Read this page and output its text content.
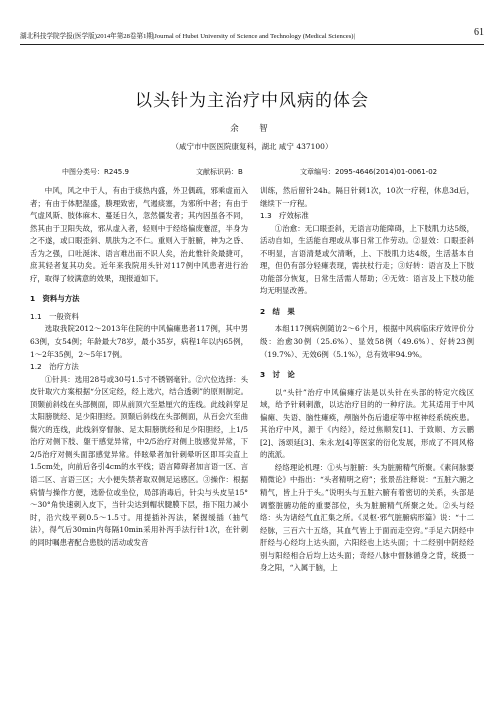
湖北科技学院学报(医学版)2014年第28卷第1期|Journal of Hubei University of Science and Technology (Medical Sciences)|	61
以头针为主治疗中风病的体会
余　智
（咸宁市中医医院康复科，湖北 咸宁 437100）
中图分类号：R245.9	文献标识码：B	文章编号：2095-4646(2014)01-0061-02

中风，风之中于人，有由于痰热内盛，外卫偶疏，邪乘虚而入者；有由于体肥湿盛，腠理致密，气遏痰塞，为邪所中者；有由于气虚风斯、肢体麻木、蔓延日久，忽然僵发者；其内因虽各不同，然其由于卫阳失故，邪从虚入者，轻则中于经络偏废蹇涩，半身为之不遂，或口眼歪斜、肌肤为之不仁。重则入于脏腑，神为之昏、舌为之强，口吐涎沫、语言难出而不识人矣，治此惟针灸最捷可，庶其轻者复其功矣。近年来我院用头针对117例中风患者进行治疗，取得了较满意的效果，现报道如下。

1　资料与方法

1.1　一般资料

选取我院2012～2013年住院的中风偏瘫患者117例，其中男63例，女54例；年龄最大78岁，最小35岁，病程1年以内65例，1～2年35例，2～5年17例。

1.2　治疗方法

①针具：选用28号或30号1.5寸不锈钢毫针。②穴位选择：头皮针取穴方案根据“分区定经，经上选穴，结合透刺”的原则制定。顶颞前斜线在头部侧面，即从前顶穴至悬厘穴的连线。此线斜穿足太阳膀胱经、足少阳胆经。顶颞后斜线在头部侧面，从百会穴至曲鬓穴的连线，此线斜穿督脉、足太阳膀胱经和足少阳胆经，上1/5治疗对侧下肢、躯干感觉异常，中2/5治疗对侧上肢感觉异常，下2/5治疗对侧头面部感觉异常。伴眩晕者加针刺晕听区即耳尖直上1.5cm处，向前后各引4cm的水平线；语言障碍者加言语一区、言语二区、言语三区；大小便失禁者取双侧足运感区。③操作：根据病情与操作方便，选卧位或坐位，局部消毒后，针尖与头皮呈15°～30°角快速刺入皮下，当针尖达到帽状腱膜下层，指下阻力减小时，沿穴线平刺0.5～1.5寸。用提插补泻法，紧握缓插（抽气法），得气后30min内每隔10min采用补泻手法行针1次，在针刺的同时嘱患者配合患肢的活动或发音

训练，然后留针24h。隔日针刺1次，10次一疗程，休息3d后，继续下一疗程。

1.3　疗效标准

①治愈：无口眼歪斜，无语言功能障碍，上下肢肌力达5级，活动自如，生活能自理或从事日常工作劳动。②显效：口眼歪斜不明显，言语清楚或欠清晰，上、下肢肌力达4级，生活基本自理，但仍有部分轻瘫表现，需扶杖行走；③好转：语言及上下肢功能部分恢复，日常生活需人帮助；④无效：语言及上下肢功能均无明显改善。

2　结　果

本组117例病例随访2～6个月，根据中风病临床疗效评价分级：治愈30例（25.6%）、显效58例（49.6%）、好转23例（19.7%）、无效6例（5.1%），总有效率94.9%。

3　讨　论

以“头针”治疗中风偏瘫疗法是以头针在头部的特定穴线区域，给予针刺刺激，以达治疗目的的一种疗法。尤其适用于中风偏瘫、失语、脑性瘫痪，颅脑外伤后遗症等中枢神经系统疾患。其治疗中风，源于《内经》，经过焦顺发[1]、于致顺、方云鹏[2]、汤颂延[3]、朱永龙[4]等医家的衍化发展，形成了不同风格的流派。

经络理论机理：①头与脏腑：头为脏腑精气所聚。《素问脉要精微论》中指出：“头者精明之府”；张景岳注释说：“五脏六腑之精气，皆上升于头。”说明头与五脏六腑有着密切的关系，头部是调整脏腑功能的重要部位，头为脏腑精气所聚之处。②头与经络：头为诸经气血汇集之所。《灵枢·邪气脏腑病形篇》说：“十二经脉，三百六十五络，其血气皆上于面而走空窍。”手足六阴经中肝经与心经均上达头面，六阳经也上达头面；十二经别中阴经经别与阳经相合后均上达头面；奇经八脉中督脉循身之背，统摄一身之阳，“入属于脑，上
